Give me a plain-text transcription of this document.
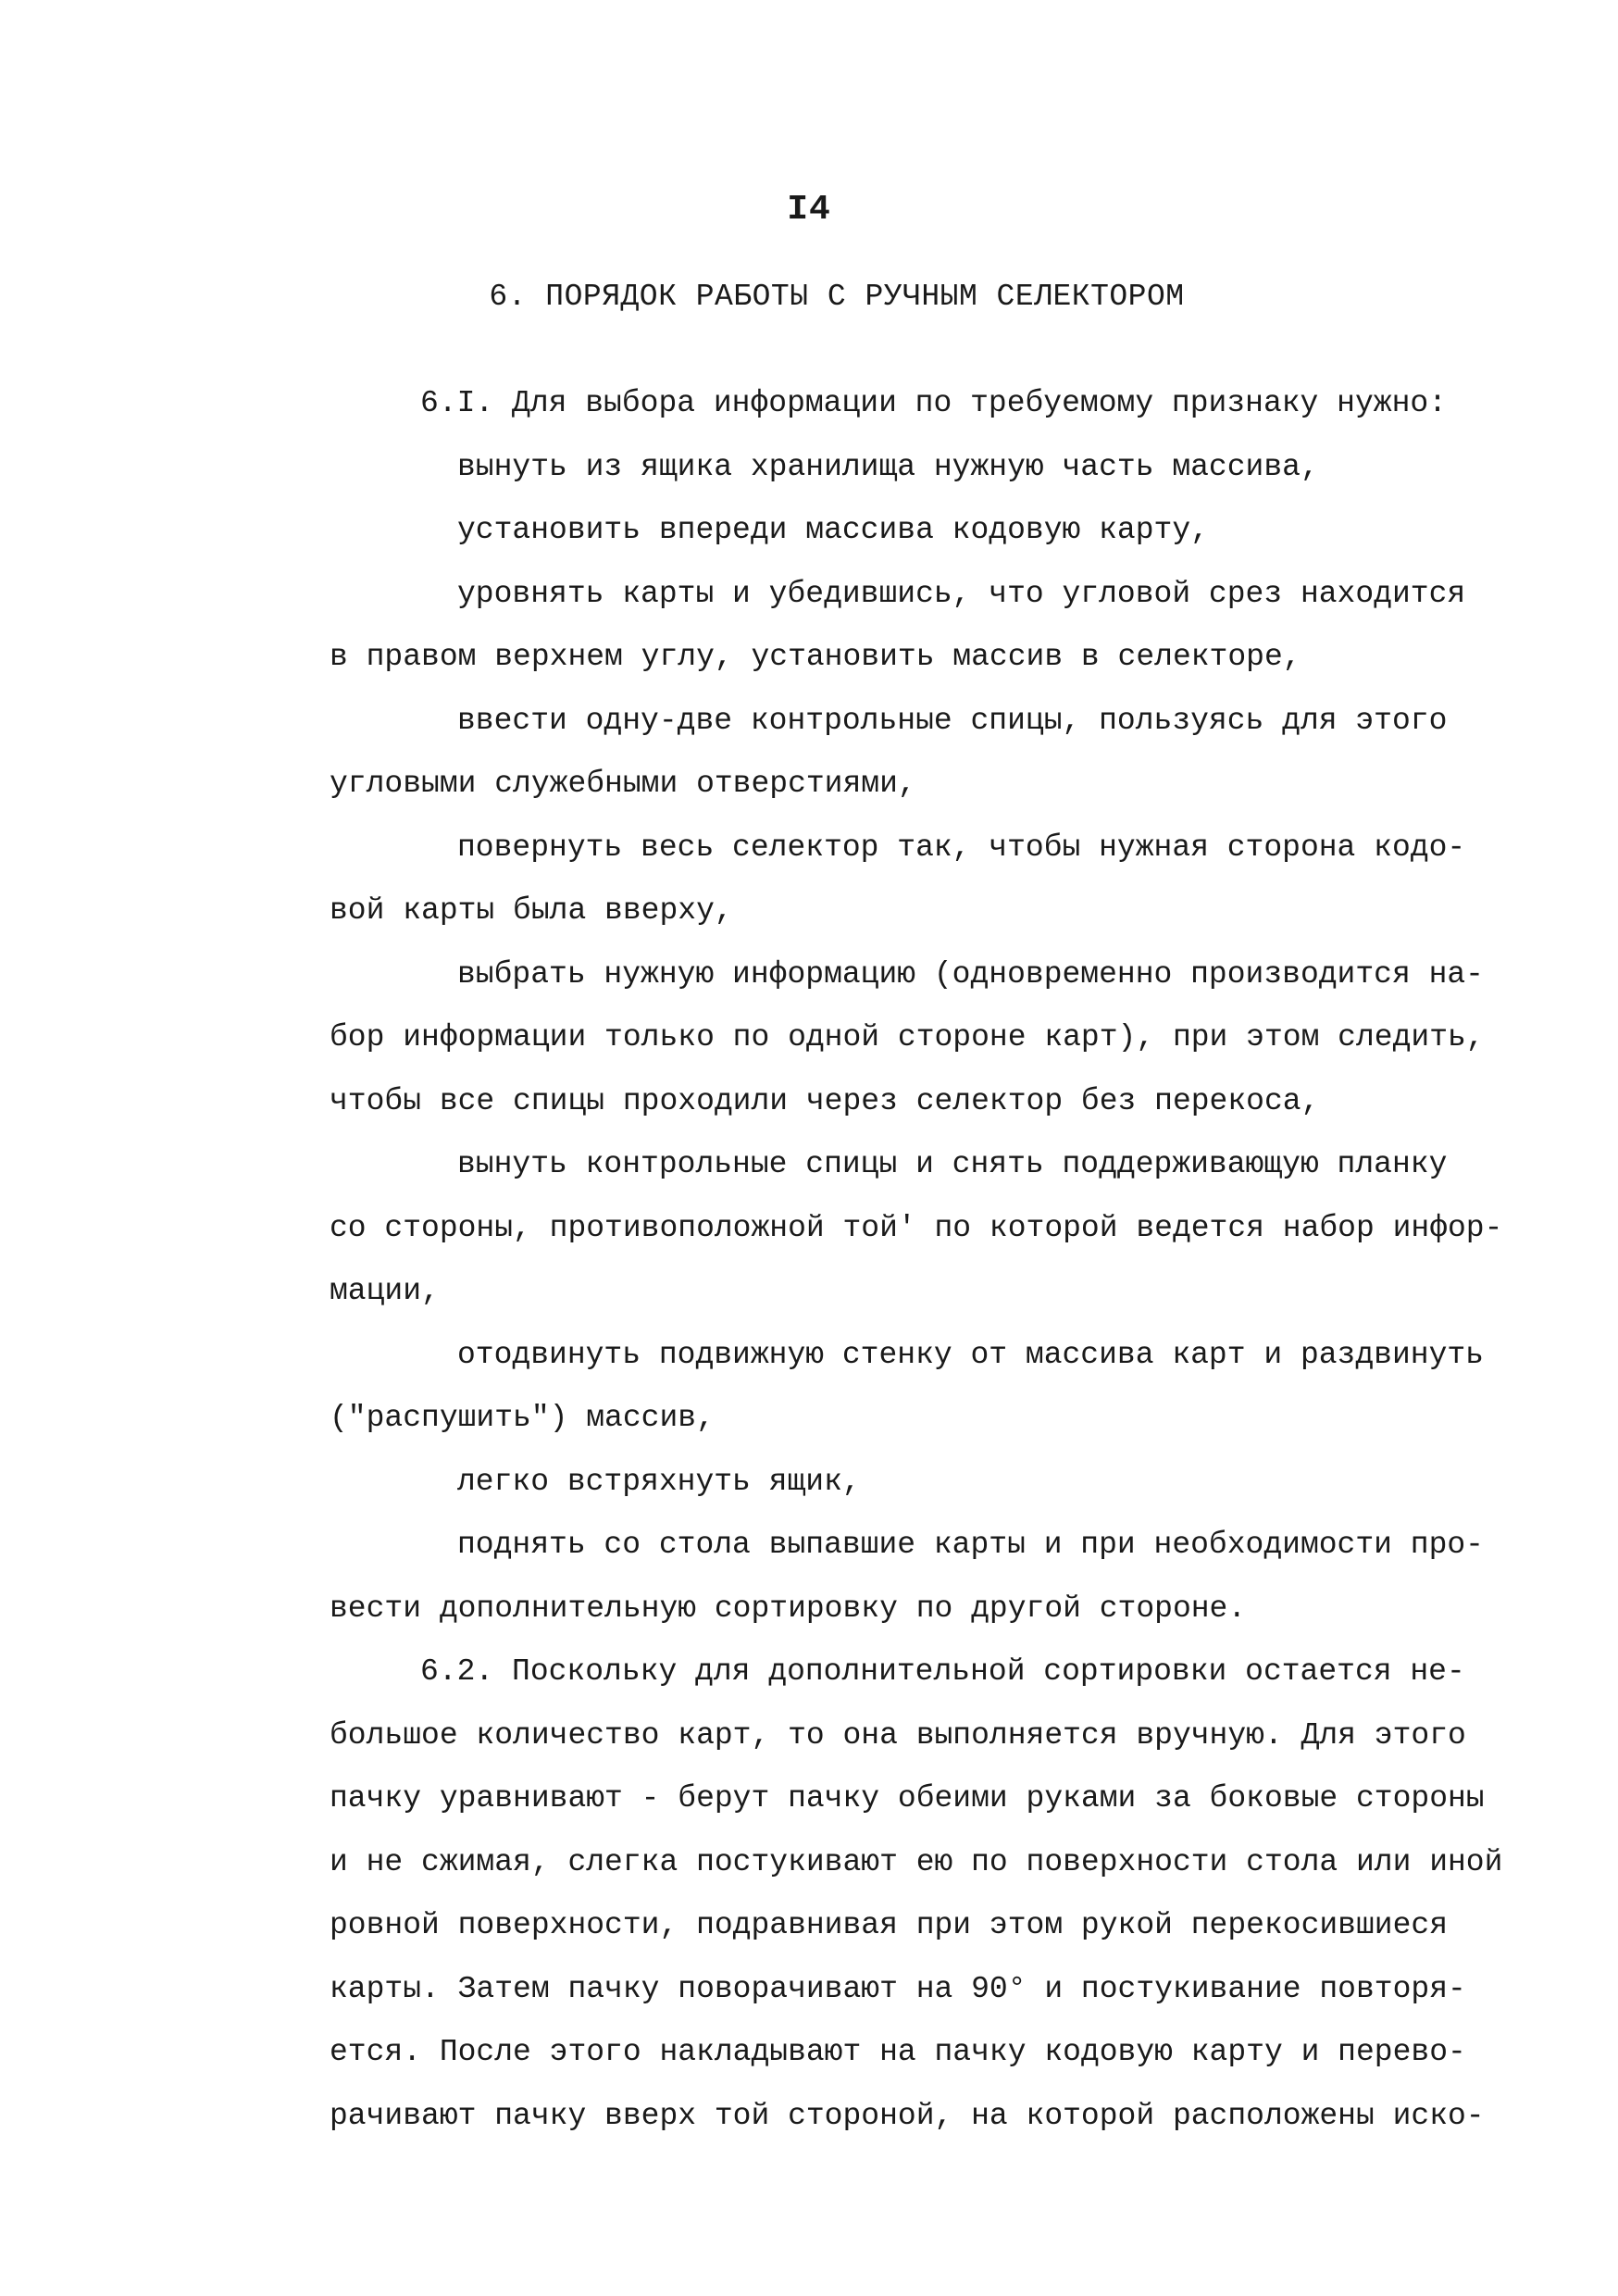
I4
6. ПОРЯДОК РАБОТЫ С РУЧНЫМ СЕЛЕКТОРОМ
6.I. Для выбора информации по требуемому признаку нужно:
вынуть из ящика хранилища нужную часть массива,
установить впереди массива кодовую карту,
уровнять карты и убедившись, что угловой срез находится
в правом верхнем углу, установить массив в селекторе,
ввести одну-две контрольные спицы, пользуясь для этого
угловыми служебными отверстиями,
повернуть весь селектор так, чтобы нужная сторона кодо-
вой карты была вверху,
выбрать нужную информацию (одновременно производится на-
бор информации только по одной стороне карт), при этом следить,
чтобы все спицы проходили через селектор без перекоса,
вынуть контрольные спицы и снять поддерживающую планку
со стороны, противоположной той' по которой ведется набор инфор-
мации,
отодвинуть подвижную стенку от массива карт и раздвинуть
("распушить") массив,
легко встряхнуть ящик,
поднять со стола выпавшие карты и при необходимости про-
вести дополнительную сортировку по другой стороне.
6.2. Поскольку для дополнительной сортировки остается не-
большое количество карт, то она выполняется вручную. Для этого
пачку уравнивают - берут пачку обеими руками за боковые стороны
и не сжимая, слегка постукивают ею по поверхности стола или иной
ровной поверхности, подравнивая при этом рукой перекосившиеся
карты. Затем пачку поворачивают на 90° и постукивание повторя-
ется. После этого накладывают на пачку кодовую карту и перево-
рачивают пачку вверх той стороной, на которой расположены иско-
